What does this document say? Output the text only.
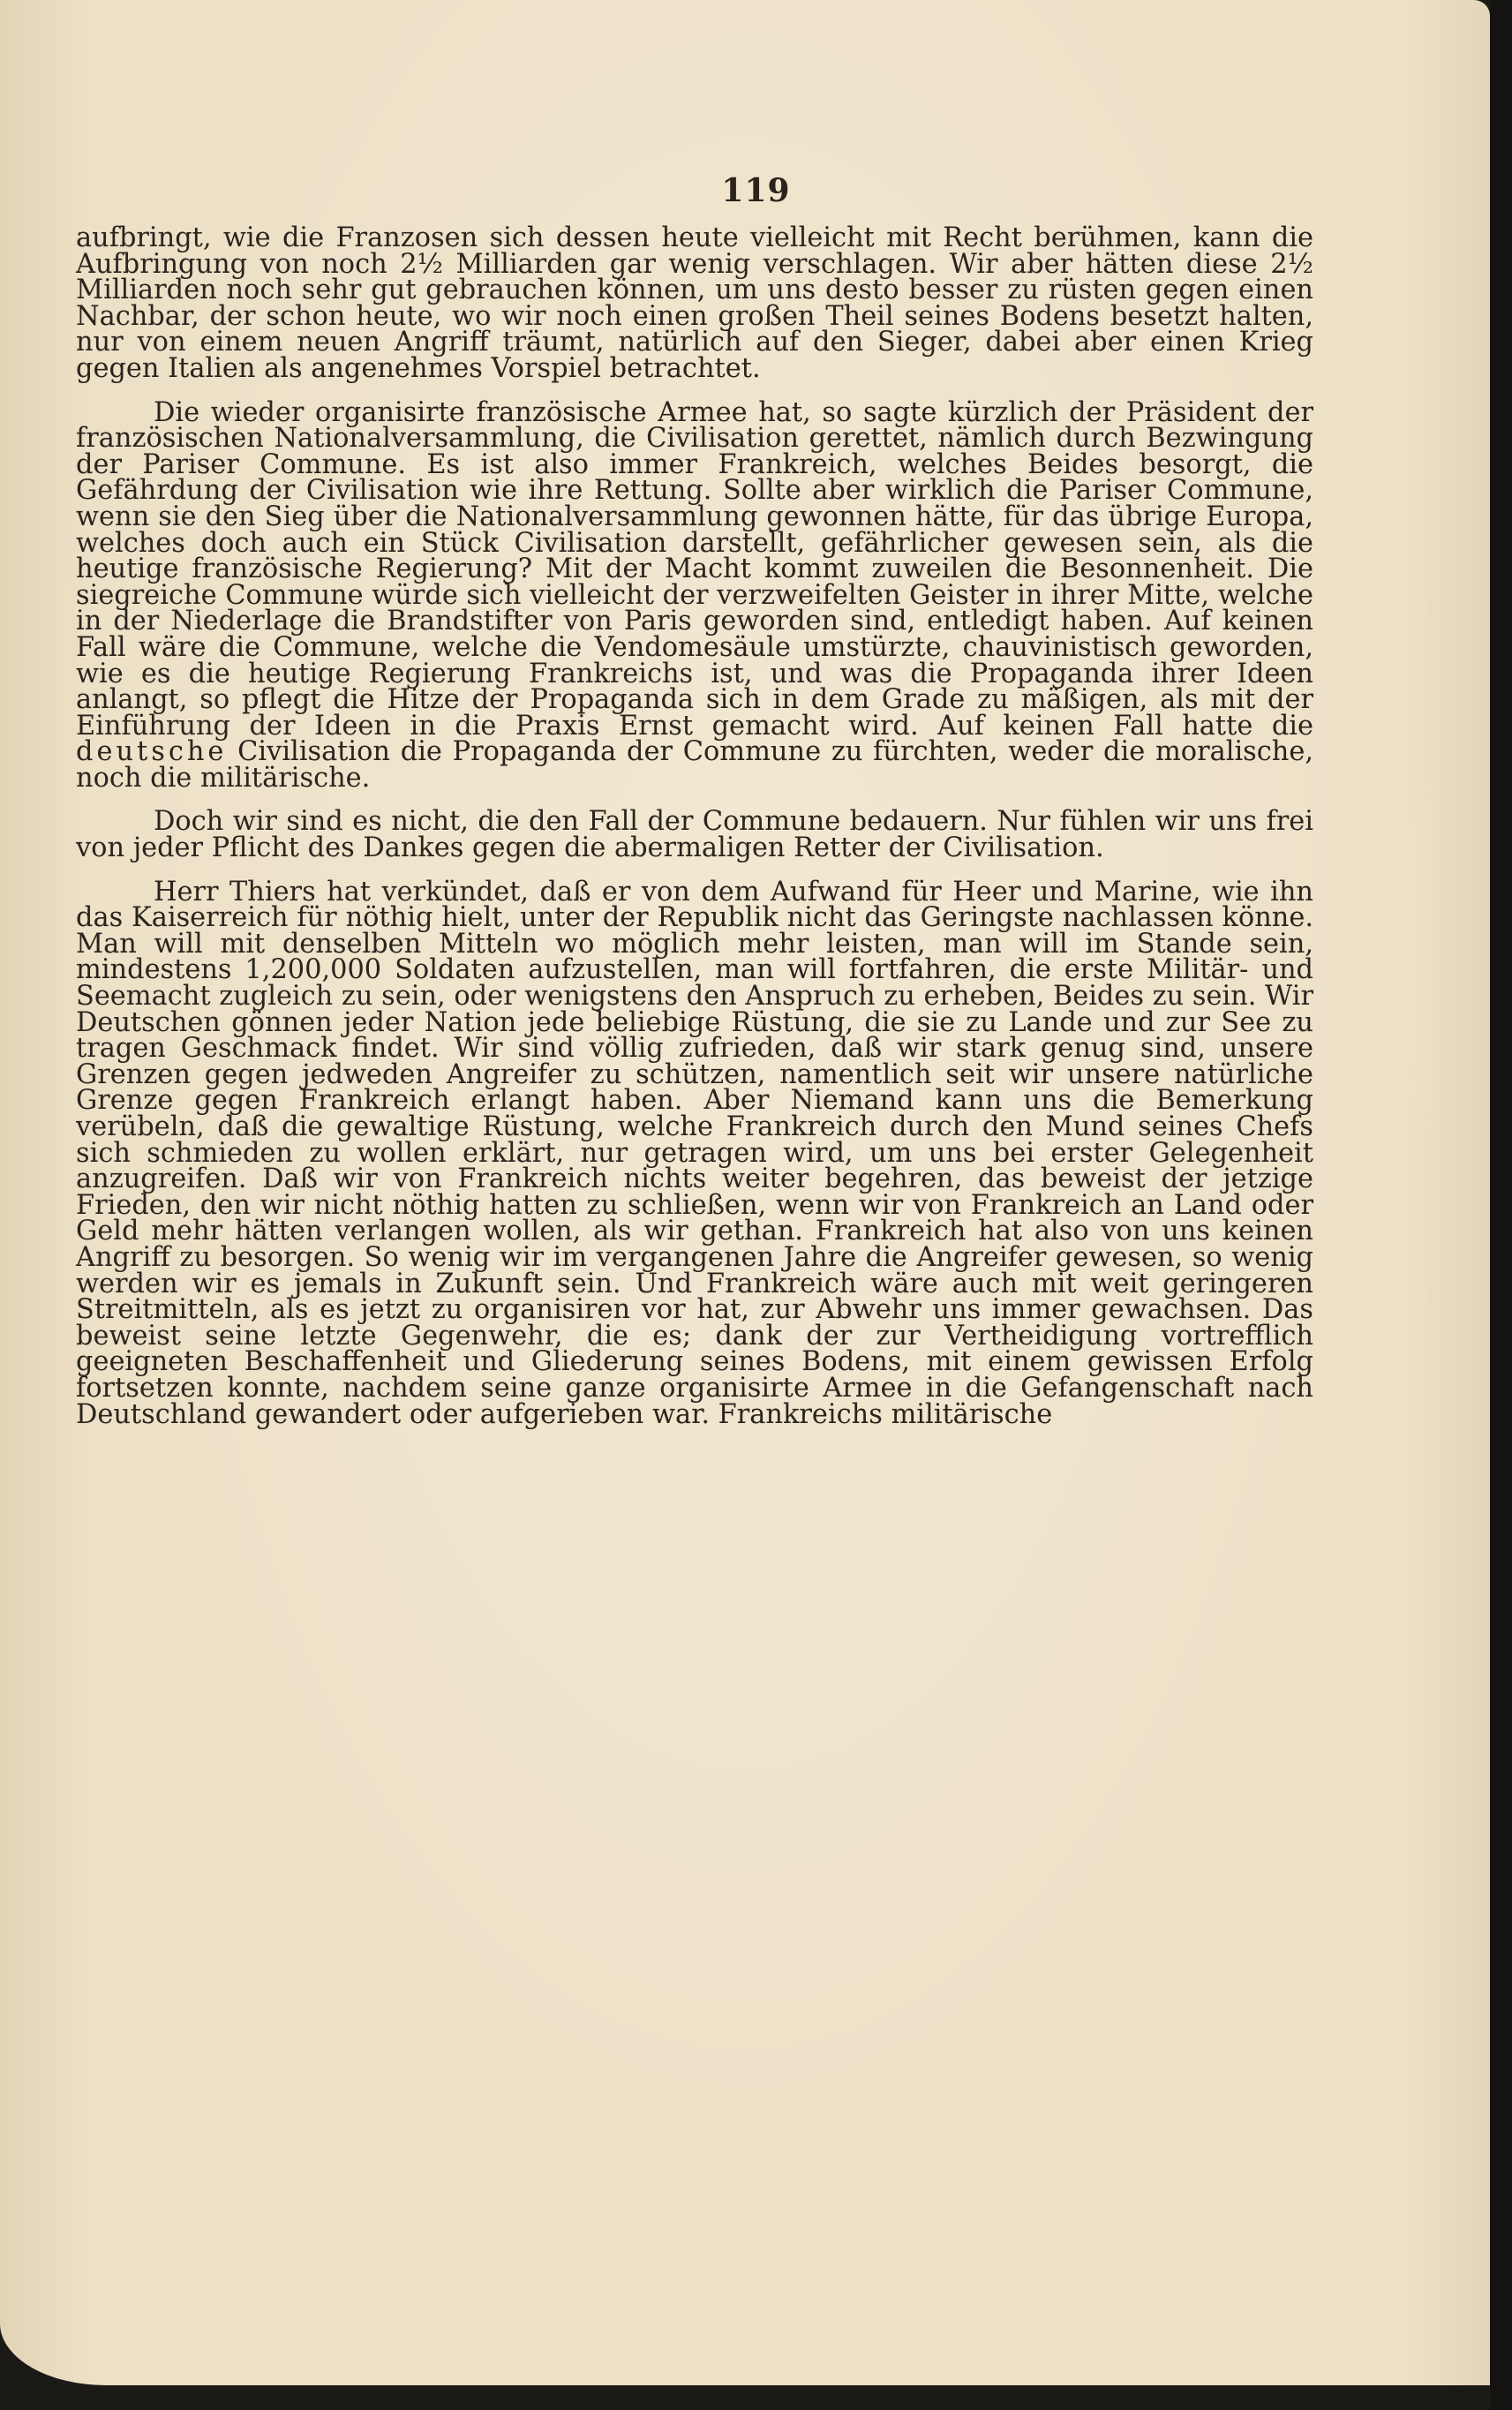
119

aufbringt, wie die Franzosen sich dessen heute vielleicht mit Recht berühmen, kann die Aufbringung von noch 2½ Milliarden gar wenig verschlagen. Wir aber hätten diese 2½ Milliarden noch sehr gut gebrauchen können, um uns desto besser zu rüsten gegen einen Nachbar, der schon heute, wo wir noch einen großen Theil seines Bodens besetzt halten, nur von einem neuen Angriff träumt, natürlich auf den Sieger, dabei aber einen Krieg gegen Italien als angenehmes Vorspiel betrachtet.

Die wieder organisirte französische Armee hat, so sagte kürzlich der Präsident der französischen Nationalversammlung, die Civilisation gerettet, nämlich durch Bezwingung der Pariser Commune. Es ist also immer Frankreich, welches Beides besorgt, die Gefährdung der Civilisation wie ihre Rettung. Sollte aber wirklich die Pariser Commune, wenn sie den Sieg über die Nationalversammlung gewonnen hätte, für das übrige Europa, welches doch auch ein Stück Civilisation darstellt, gefährlicher gewesen sein, als die heutige französische Regierung? Mit der Macht kommt zuweilen die Besonnenheit. Die siegreiche Commune würde sich vielleicht der verzweifelten Geister in ihrer Mitte, welche in der Niederlage die Brandstifter von Paris geworden sind, entledigt haben. Auf keinen Fall wäre die Commune, welche die Vendomesäule umstürzte, chauvinistisch geworden, wie es die heutige Regierung Frankreichs ist, und was die Propaganda ihrer Ideen anlangt, so pflegt die Hitze der Propaganda sich in dem Grade zu mäßigen, als mit der Einführung der Ideen in die Praxis Ernst gemacht wird. Auf keinen Fall hatte die deutsche Civilisation die Propaganda der Commune zu fürchten, weder die moralische, noch die militärische.

Doch wir sind es nicht, die den Fall der Commune bedauern. Nur fühlen wir uns frei von jeder Pflicht des Dankes gegen die abermaligen Retter der Civilisation.

Herr Thiers hat verkündet, daß er von dem Aufwand für Heer und Marine, wie ihn das Kaiserreich für nöthig hielt, unter der Republik nicht das Geringste nachlassen könne. Man will mit denselben Mitteln wo möglich mehr leisten, man will im Stande sein, mindestens 1,200,000 Soldaten aufzustellen, man will fortfahren, die erste Militär- und Seemacht zugleich zu sein, oder wenigstens den Anspruch zu erheben, Beides zu sein. Wir Deutschen gönnen jeder Nation jede beliebige Rüstung, die sie zu Lande und zur See zu tragen Geschmack findet. Wir sind völlig zufrieden, daß wir stark genug sind, unsere Grenzen gegen jedweden Angreifer zu schützen, namentlich seit wir unsere natürliche Grenze gegen Frankreich erlangt haben. Aber Niemand kann uns die Bemerkung verübeln, daß die gewaltige Rüstung, welche Frankreich durch den Mund seines Chefs sich schmieden zu wollen erklärt, nur getragen wird, um uns bei erster Gelegenheit anzugreifen. Daß wir von Frankreich nichts weiter begehren, das beweist der jetzige Frieden, den wir nicht nöthig hatten zu schließen, wenn wir von Frankreich an Land oder Geld mehr hätten verlangen wollen, als wir gethan. Frankreich hat also von uns keinen Angriff zu besorgen. So wenig wir im vergangenen Jahre die Angreifer gewesen, so wenig werden wir es jemals in Zukunft sein. Und Frankreich wäre auch mit weit geringeren Streitmitteln, als es jetzt zu organisiren vor hat, zur Abwehr uns immer gewachsen. Das beweist seine letzte Gegenwehr, die es; dank der zur Vertheidigung vortrefflich geeigneten Beschaffenheit und Gliederung seines Bodens, mit einem gewissen Erfolg fortsetzen konnte, nachdem seine ganze organisirte Armee in die Gefangenschaft nach Deutschland gewandert oder aufgerieben war. Frankreichs militärische
